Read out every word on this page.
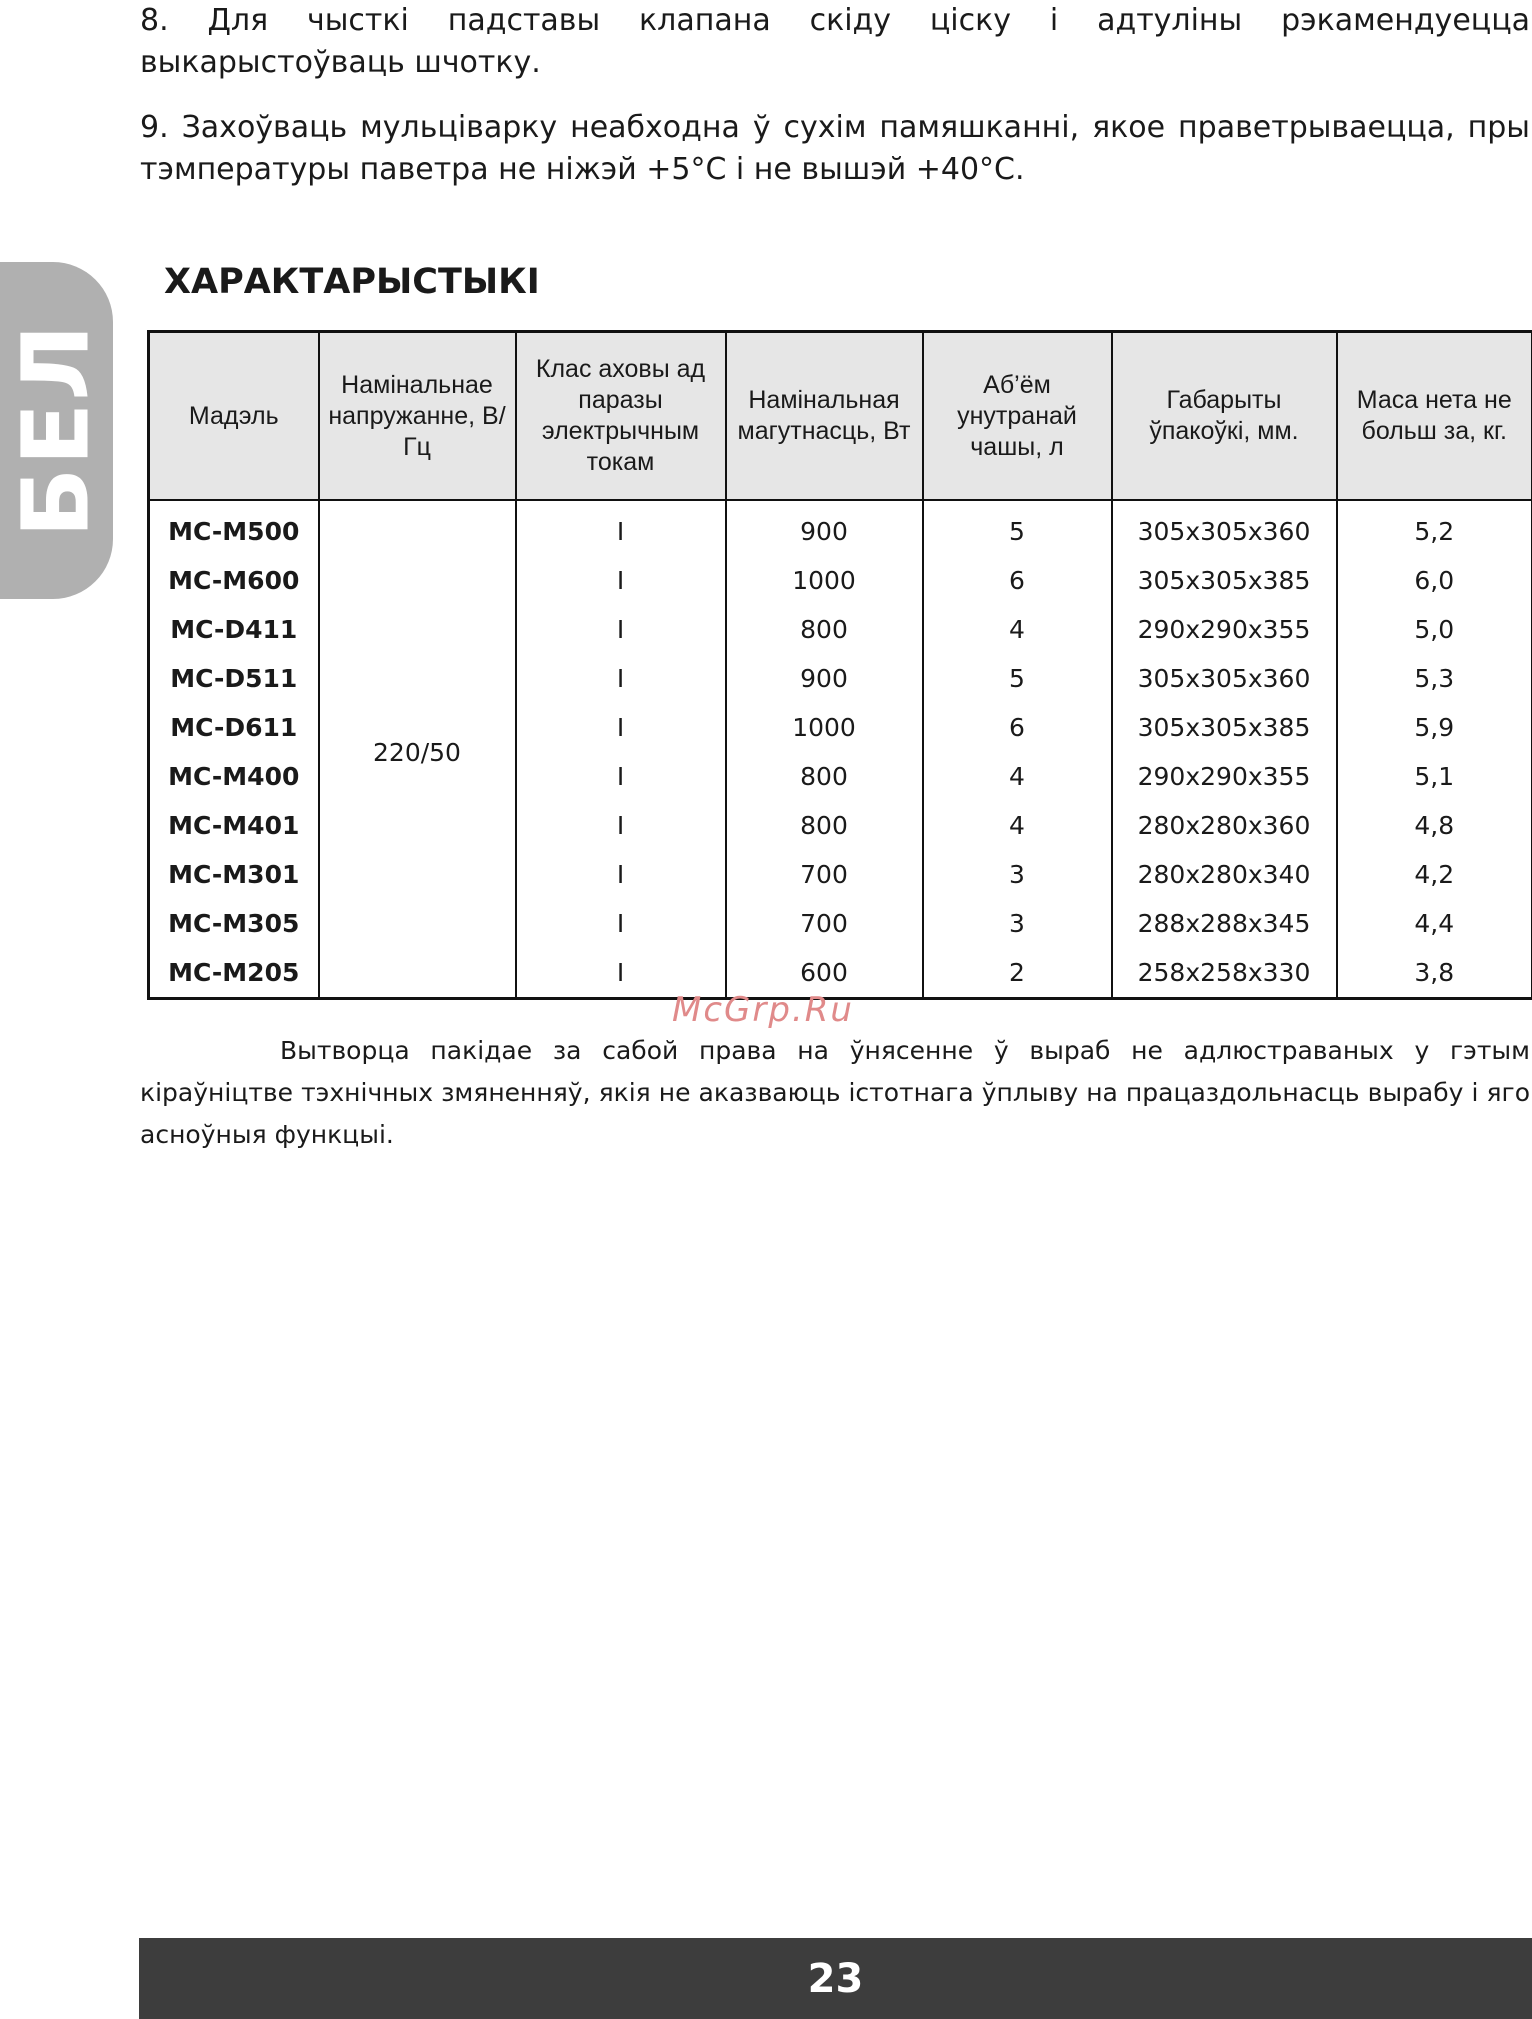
8. Для чысткі падставы клапана скіду ціску і адтуліны рэкамендуецца выкарыстоўваць шчотку.

9. Захоўваць мульціварку неабходна ў сухім памяшканні, якое праветрываецца, пры тэмпературы паветра не ніжэй +5°С і не вышэй +40°С.

БЕЛ
ХАРАКТАРЫСТЫКІ
Мадэль	Намінальнае напружанне, В/Гц	Клас аховы ад паразы электрычным токам	Намінальная магутнасць, Вт	Аб’ём унутранай чашы, л	Габарыты ўпакоўкі, мм.	Маса нета не больш за, кг.
MC-M500	220/50	I	900	5	305x305x360	5,2
MC-M600		I	1000	6	305x305x385	6,0
MC-D411		I	800	4	290x290x355	5,0
MC-D511		I	900	5	305x305x360	5,3
MC-D611		I	1000	6	305x305x385	5,9
MC-M400		I	800	4	290x290x355	5,1
MC-M401		I	800	4	280x280x360	4,8
MC-M301		I	700	3	280x280x340	4,2
MC-M305		I	700	3	288x288x345	4,4
MC-M205		I	600	2	258x258x330	3,8
McGrp.Ru

Вытворца пакідае за сабой права на ўнясенне ў выраб не адлюстраваных у гэтым кіраўніцтве тэхнічных змяненняў, якія не аказваюць істотнага ўплыву на працаздольнасць вырабу і яго асноўныя функцыі.

23
